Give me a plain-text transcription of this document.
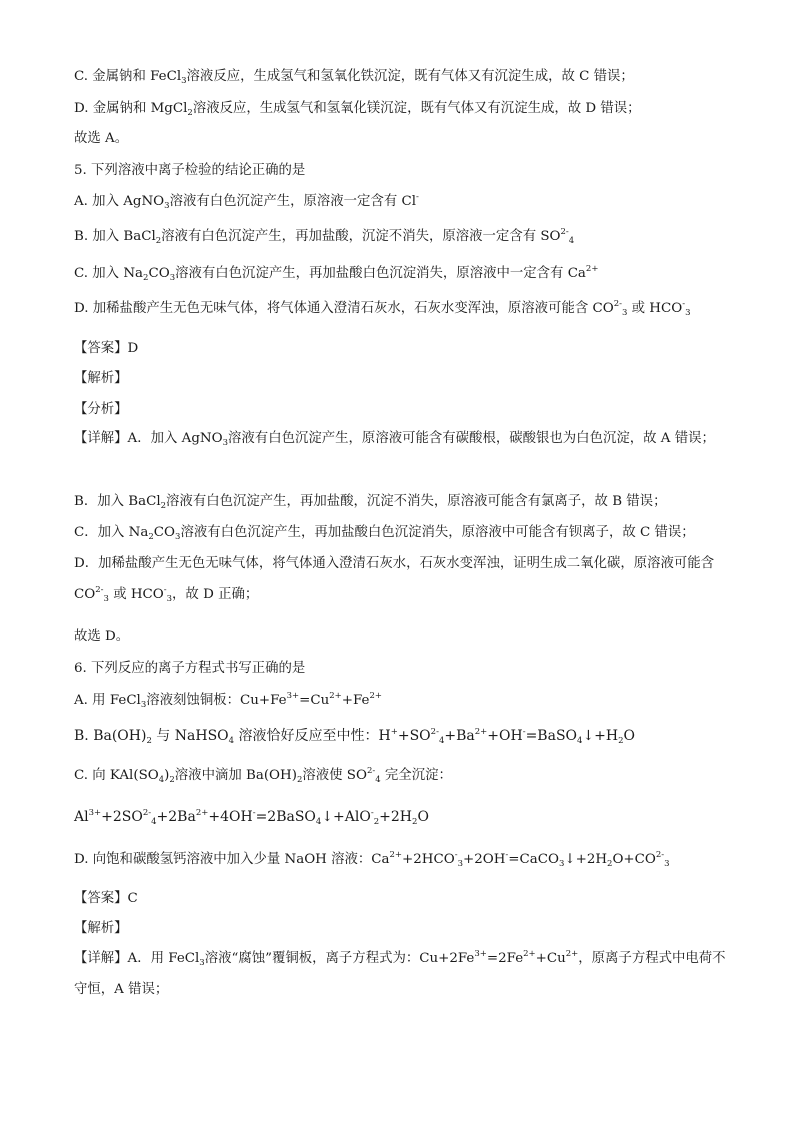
C. 金属钠和 FeCl$_3$溶液反应，生成氢气和氢氧化铁沉淀，既有气体又有沉淀生成，故 C 错误；
D. 金属钠和 MgCl$_2$溶液反应，生成氢气和氢氧化镁沉淀，既有气体又有沉淀生成，故 D 错误；
故选 A。
5. 下列溶液中离子检验的结论正确的是
A. 加入 AgNO$_3$溶液有白色沉淀产生，原溶液一定含有 Cl-
B. 加入 BaCl$_2$溶液有白色沉淀产生，再加盐酸，沉淀不消失，原溶液一定含有 $SO^{2-}_4$
C. 加入 $Na_2CO_3$溶液有白色沉淀产生，再加盐酸白色沉淀消失，原溶液中一定含有 $Ca^{2+}$
D. 加稀盐酸产生无色无味气体，将气体通入澄清石灰水，石灰水变浑浊，原溶液可能含 $CO^{2-}_3$ 或 $HCO^-_3$
【答案】D
【解析】
【分析】
【详解】A．加入 AgNO$_3$溶液有白色沉淀产生，原溶液可能含有碳酸根，碳酸银也为白色沉淀，故 A 错误；
B．加入 BaCl$_2$溶液有白色沉淀产生，再加盐酸，沉淀不消失，原溶液可能含有氯离子，故 B 错误；
C．加入 $Na_2CO_3$溶液有白色沉淀产生，再加盐酸白色沉淀消失，原溶液中可能含有钡离子，故 C 错误；
D．加稀盐酸产生无色无味气体，将气体通入澄清石灰水，石灰水变浑浊，证明生成二氧化碳，原溶液可能含 $CO^{2-}_3$ 或 $HCO^-_3$，故 D 正确；
故选 D。
6. 下列反应的离子方程式书写正确的是
A. 用 FeCl$_3$溶液刻蚀铜板：$Cu+Fe^{3+}=Cu^{2+}+Fe^{2+}$
B. $Ba(OH)_2$ 与 NaHSO$_4$ 溶液恰好反应至中性：$H^++SO^{2-}_4+Ba^{2+}+OH^-=BaSO_4↓+H_2O$
C. 向 $KAl(SO_4)_2$溶液中滴加 $Ba(OH)_2$溶液使 $SO^{2-}_4$ 完全沉淀：
$Al^{3+}+2SO^{2-}_4+2Ba^{2+}+4OH^-=2BaSO_4↓+AlO^-_2+2H_2O$
D. 向饱和碳酸氢钙溶液中加入少量 NaOH 溶液：$Ca^{2+}+2HCO^-_3+2OH^-=CaCO_3↓+2H_2O+CO^{2-}_3$
【答案】C
【解析】
【详解】A．用 FeCl$_3$溶液“腐蚀”覆铜板，离子方程式为：$Cu+2Fe^{3+}=2Fe^{2+}+Cu^{2+}$，原离子方程式中电荷不守恒，A 错误；
